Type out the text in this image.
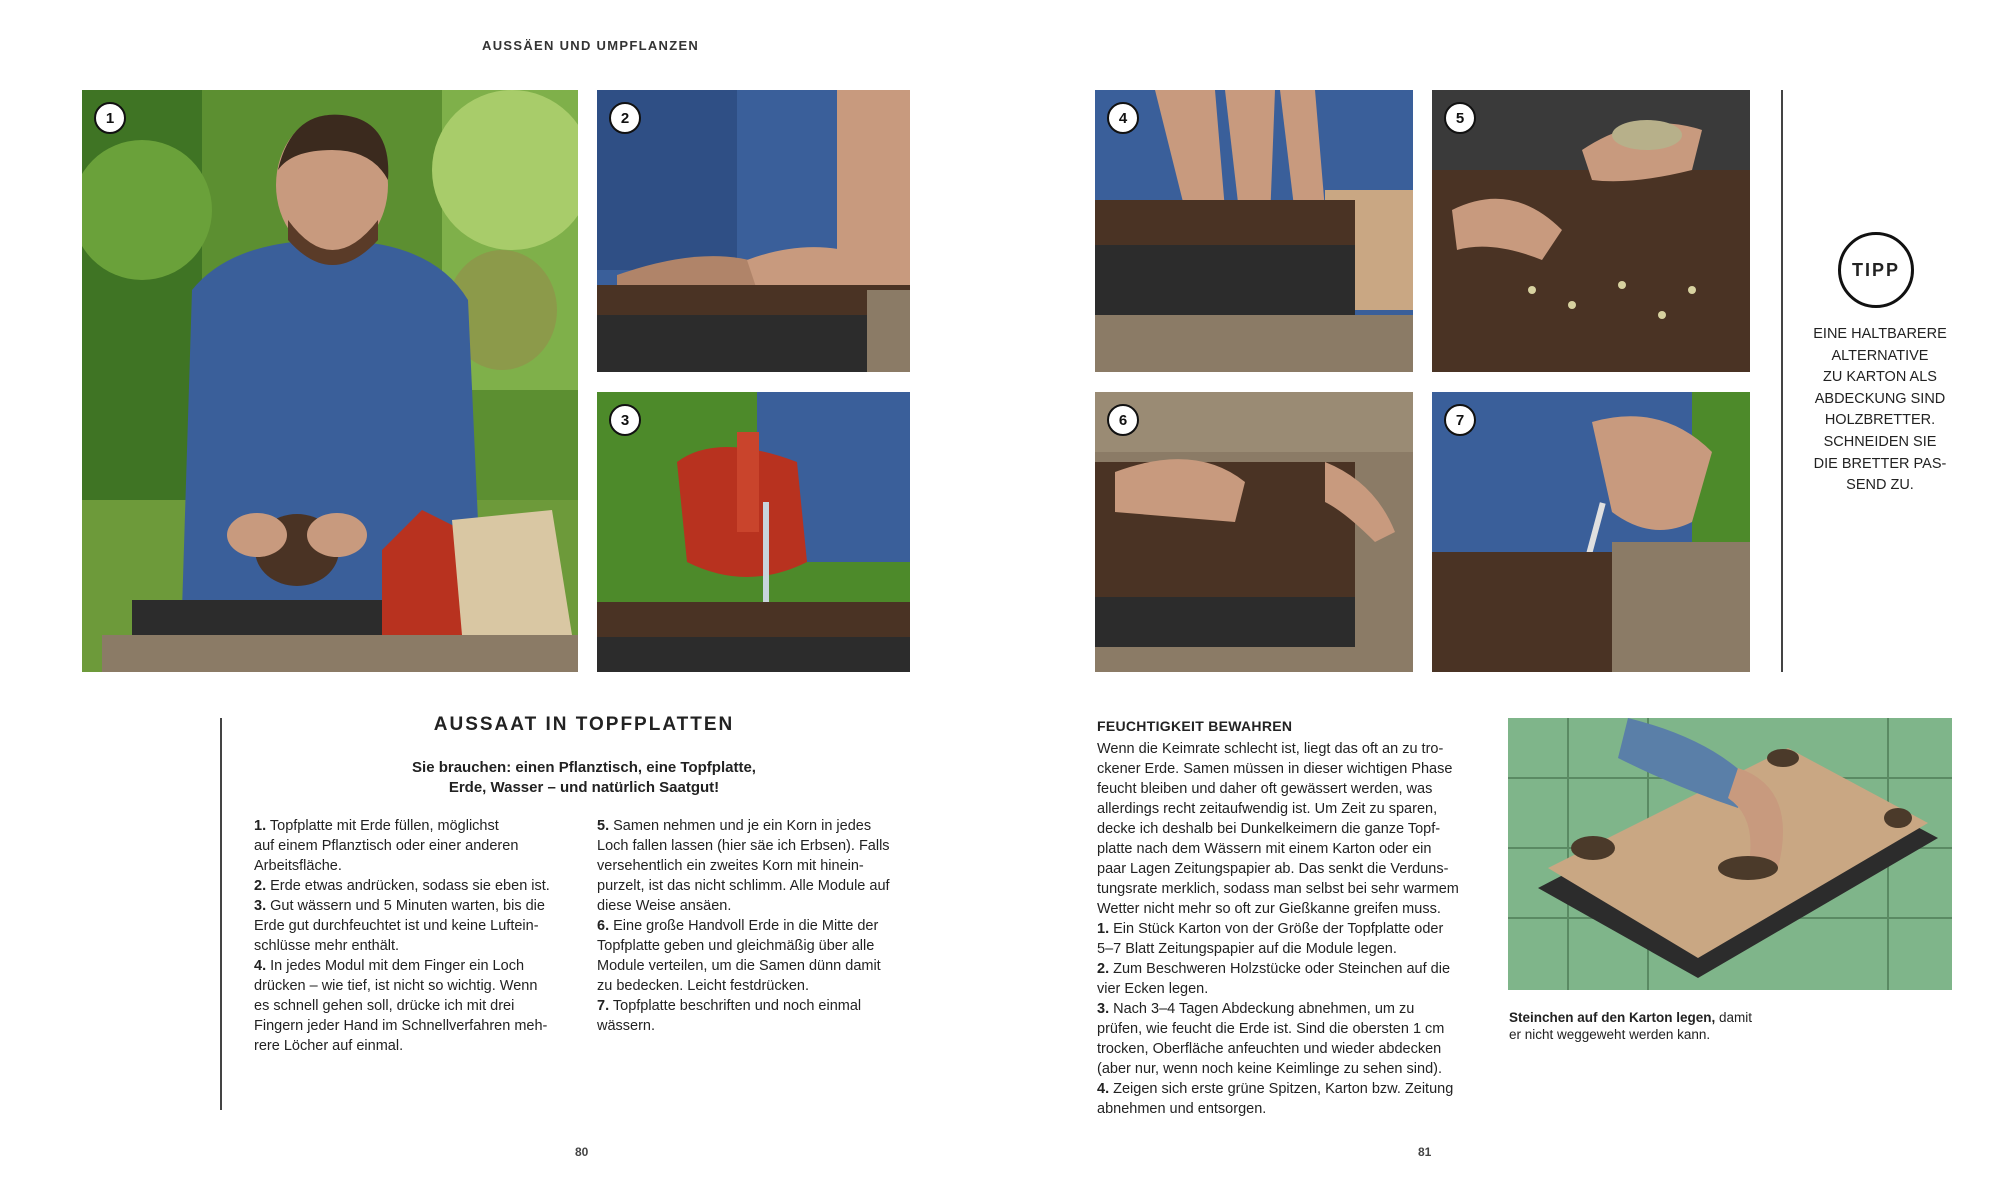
AUSSÄEN UND UMPFLANZEN
1	2
3
4	5
6	7
TIPP
EINE HALTBARERE
ALTERNATIVE
ZU KARTON ALS
ABDECKUNG SIND
HOLZBRETTER.
SCHNEIDEN SIE
DIE BRETTER PAS-
SEND ZU.
AUSSAAT IN TOPFPLATTEN
Sie brauchen: einen Pflanztisch, eine Topfplatte,
Erde, Wasser – und natürlich Saatgut!

1. Topfplatte mit Erde füllen, möglichst

auf einem Pflanztisch oder einer anderen

Arbeitsfläche.

2. Erde etwas andrücken, sodass sie eben ist.

3. Gut wässern und 5 Minuten warten, bis die

Erde gut durchfeuchtet ist und keine Luftein-

schlüsse mehr enthält.

4. In jedes Modul mit dem Finger ein Loch

drücken – wie tief, ist nicht so wichtig. Wenn

es schnell gehen soll, drücke ich mit drei

Fingern jeder Hand im Schnellverfahren meh-

rere Löcher auf einmal.

5. Samen nehmen und je ein Korn in jedes

Loch fallen lassen (hier säe ich Erbsen). Falls

versehentlich ein zweites Korn mit hinein-

purzelt, ist das nicht schlimm. Alle Module auf

diese Weise ansäen.

6. Eine große Handvoll Erde in die Mitte der

Topfplatte geben und gleichmäßig über alle

Module verteilen, um die Samen dünn damit

zu bedecken. Leicht festdrücken.

7. Topfplatte beschriften und noch einmal

wässern.

FEUCHTIGKEIT BEWAHREN

Wenn die Keimrate schlecht ist, liegt das oft an zu tro-

ckener Erde. Samen müssen in dieser wichtigen Phase

feucht bleiben und daher oft gewässert werden, was

allerdings recht zeitaufwendig ist. Um Zeit zu sparen,

decke ich deshalb bei Dunkelkeimern die ganze Topf-

platte nach dem Wässern mit einem Karton oder ein

paar Lagen Zeitungspapier ab. Das senkt die Verduns-

tungsrate merklich, sodass man selbst bei sehr warmem

Wetter nicht mehr so oft zur Gießkanne greifen muss.

1. Ein Stück Karton von der Größe der Topfplatte oder

5–7 Blatt Zeitungspapier auf die Module legen.

2. Zum Beschweren Holzstücke oder Steinchen auf die

vier Ecken legen.

3. Nach 3–4 Tagen Abdeckung abnehmen, um zu

prüfen, wie feucht die Erde ist. Sind die obersten 1 cm

trocken, Oberfläche anfeuchten und wieder abdecken

(aber nur, wenn noch keine Keimlinge zu sehen sind).

4. Zeigen sich erste grüne Spitzen, Karton bzw. Zeitung

abnehmen und entsorgen.

Steinchen auf den Karton legen, damit
er nicht weggeweht werden kann.
80	81
